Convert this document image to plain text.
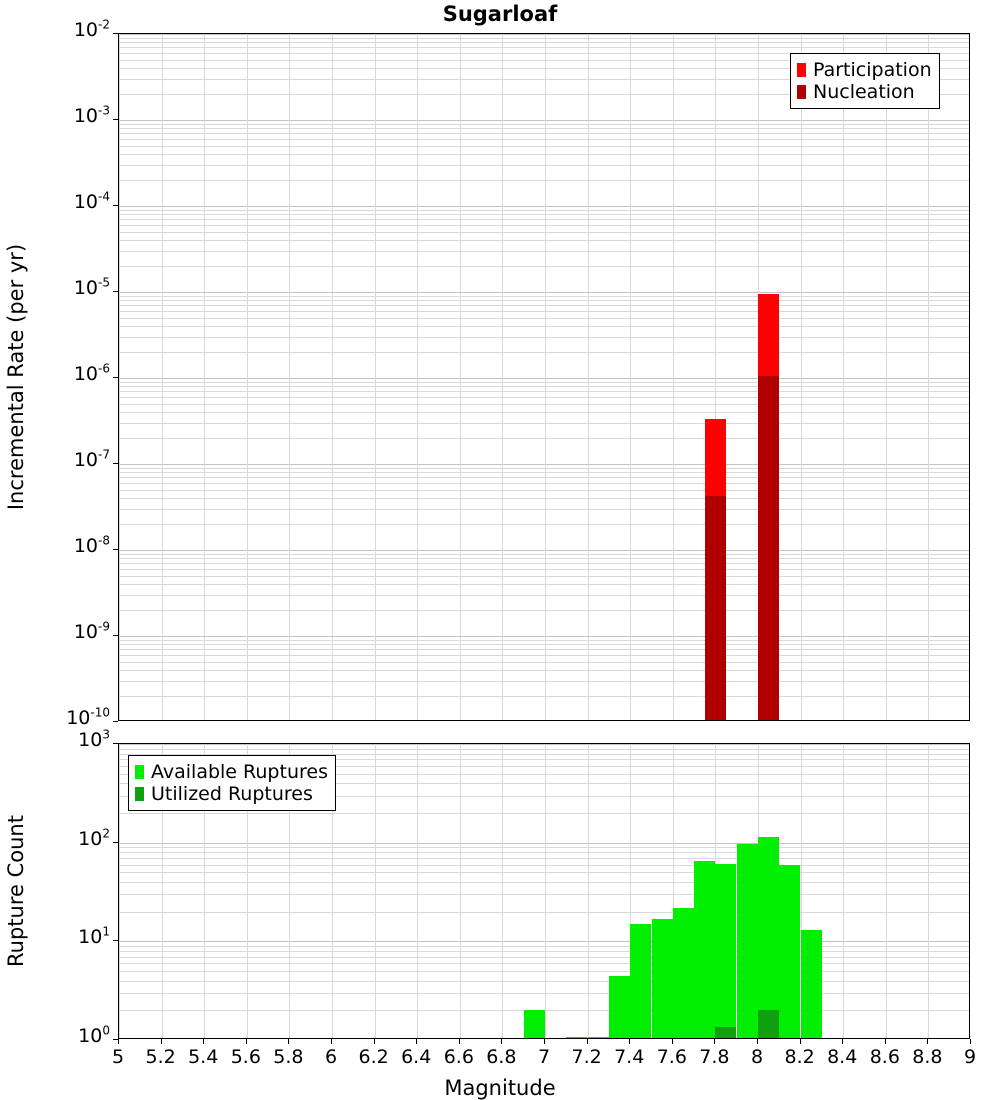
Sugarloaf
$10^{-2}$
$10^{-3}$
$10^{-4}$
$10^{-5}$
$10^{-6}$
$10^{-7}$
$10^{-8}$
$10^{-9}$
$10^{-10}$
Incremental Rate (per yr)
Participation
Nucleation
$10^3$
$10^2$
$10^1$
$10^0$
Rupture Count
Available Ruptures
Utilized Ruptures
5	5.2 5.4 5.6 5.8	6	6.2 6.4 6.6 6.8	7	7.2 7.4 7.6 7.8	8	8.2 8.4 8.6 8.8	9
Magnitude
